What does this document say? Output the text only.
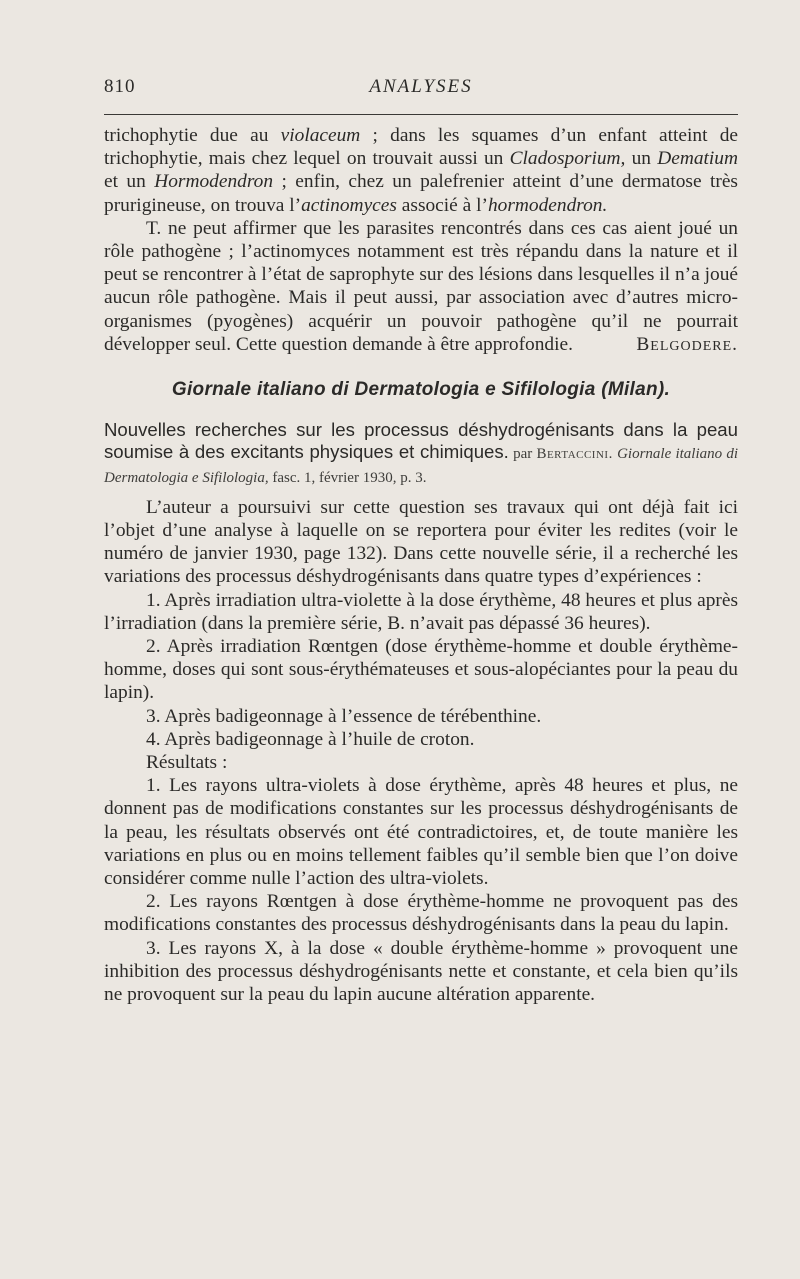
810	ANALYSES

trichophytie due au violaceum ; dans les squames d’un enfant atteint de trichophytie, mais chez lequel on trouvait aussi un Cladosporium, un Dematium et un Hormodendron ; enfin, chez un palefrenier atteint d’une dermatose très prurigineuse, on trouva l’actinomyces associé à l’hormodendron.

T. ne peut affirmer que les parasites rencontrés dans ces cas aient joué un rôle pathogène ; l’actinomyces notamment est très répandu dans la nature et il peut se rencontrer à l’état de saprophyte sur des lésions dans lesquelles il n’a joué aucun rôle pathogène. Mais il peut aussi, par association avec d’autres micro-organismes (pyogènes) acquérir un pouvoir pathogène qu’il ne pourrait développer seul. Cette question demande à être approfondie.	Belgodere.

Giornale italiano di Dermatologia e Sifilologia (Milan).

Nouvelles recherches sur les processus déshydrogénisants dans la peau soumise à des excitants physiques et chimiques. par Bertaccini. Giornale italiano di Dermatologia e Sifilologia, fasc. 1, février 1930, p. 3.

L’auteur a poursuivi sur cette question ses travaux qui ont déjà fait ici l’objet d’une analyse à laquelle on se reportera pour éviter les redites (voir le numéro de janvier 1930, page 132). Dans cette nouvelle série, il a recherché les variations des processus déshydrogénisants dans quatre types d’expériences :

1. Après irradiation ultra-violette à la dose érythème, 48 heures et plus après l’irradiation (dans la première série, B. n’avait pas dépassé 36 heures).

2. Après irradiation Rœntgen (dose érythème-homme et double érythème-homme, doses qui sont sous-érythémateuses et sous-alopéciantes pour la peau du lapin).

3. Après badigeonnage à l’essence de térébenthine.

4. Après badigeonnage à l’huile de croton.

Résultats :

1. Les rayons ultra-violets à dose érythème, après 48 heures et plus, ne donnent pas de modifications constantes sur les processus déshydrogénisants de la peau, les résultats observés ont été contradictoires, et, de toute manière les variations en plus ou en moins tellement faibles qu’il semble bien que l’on doive considérer comme nulle l’action des ultra-violets.

2. Les rayons Rœntgen à dose érythème-homme ne provoquent pas des modifications constantes des processus déshydrogénisants dans la peau du lapin.

3. Les rayons X, à la dose « double érythème-homme » provoquent une inhibition des processus déshydrogénisants nette et constante, et cela bien qu’ils ne provoquent sur la peau du lapin aucune altération apparente.
